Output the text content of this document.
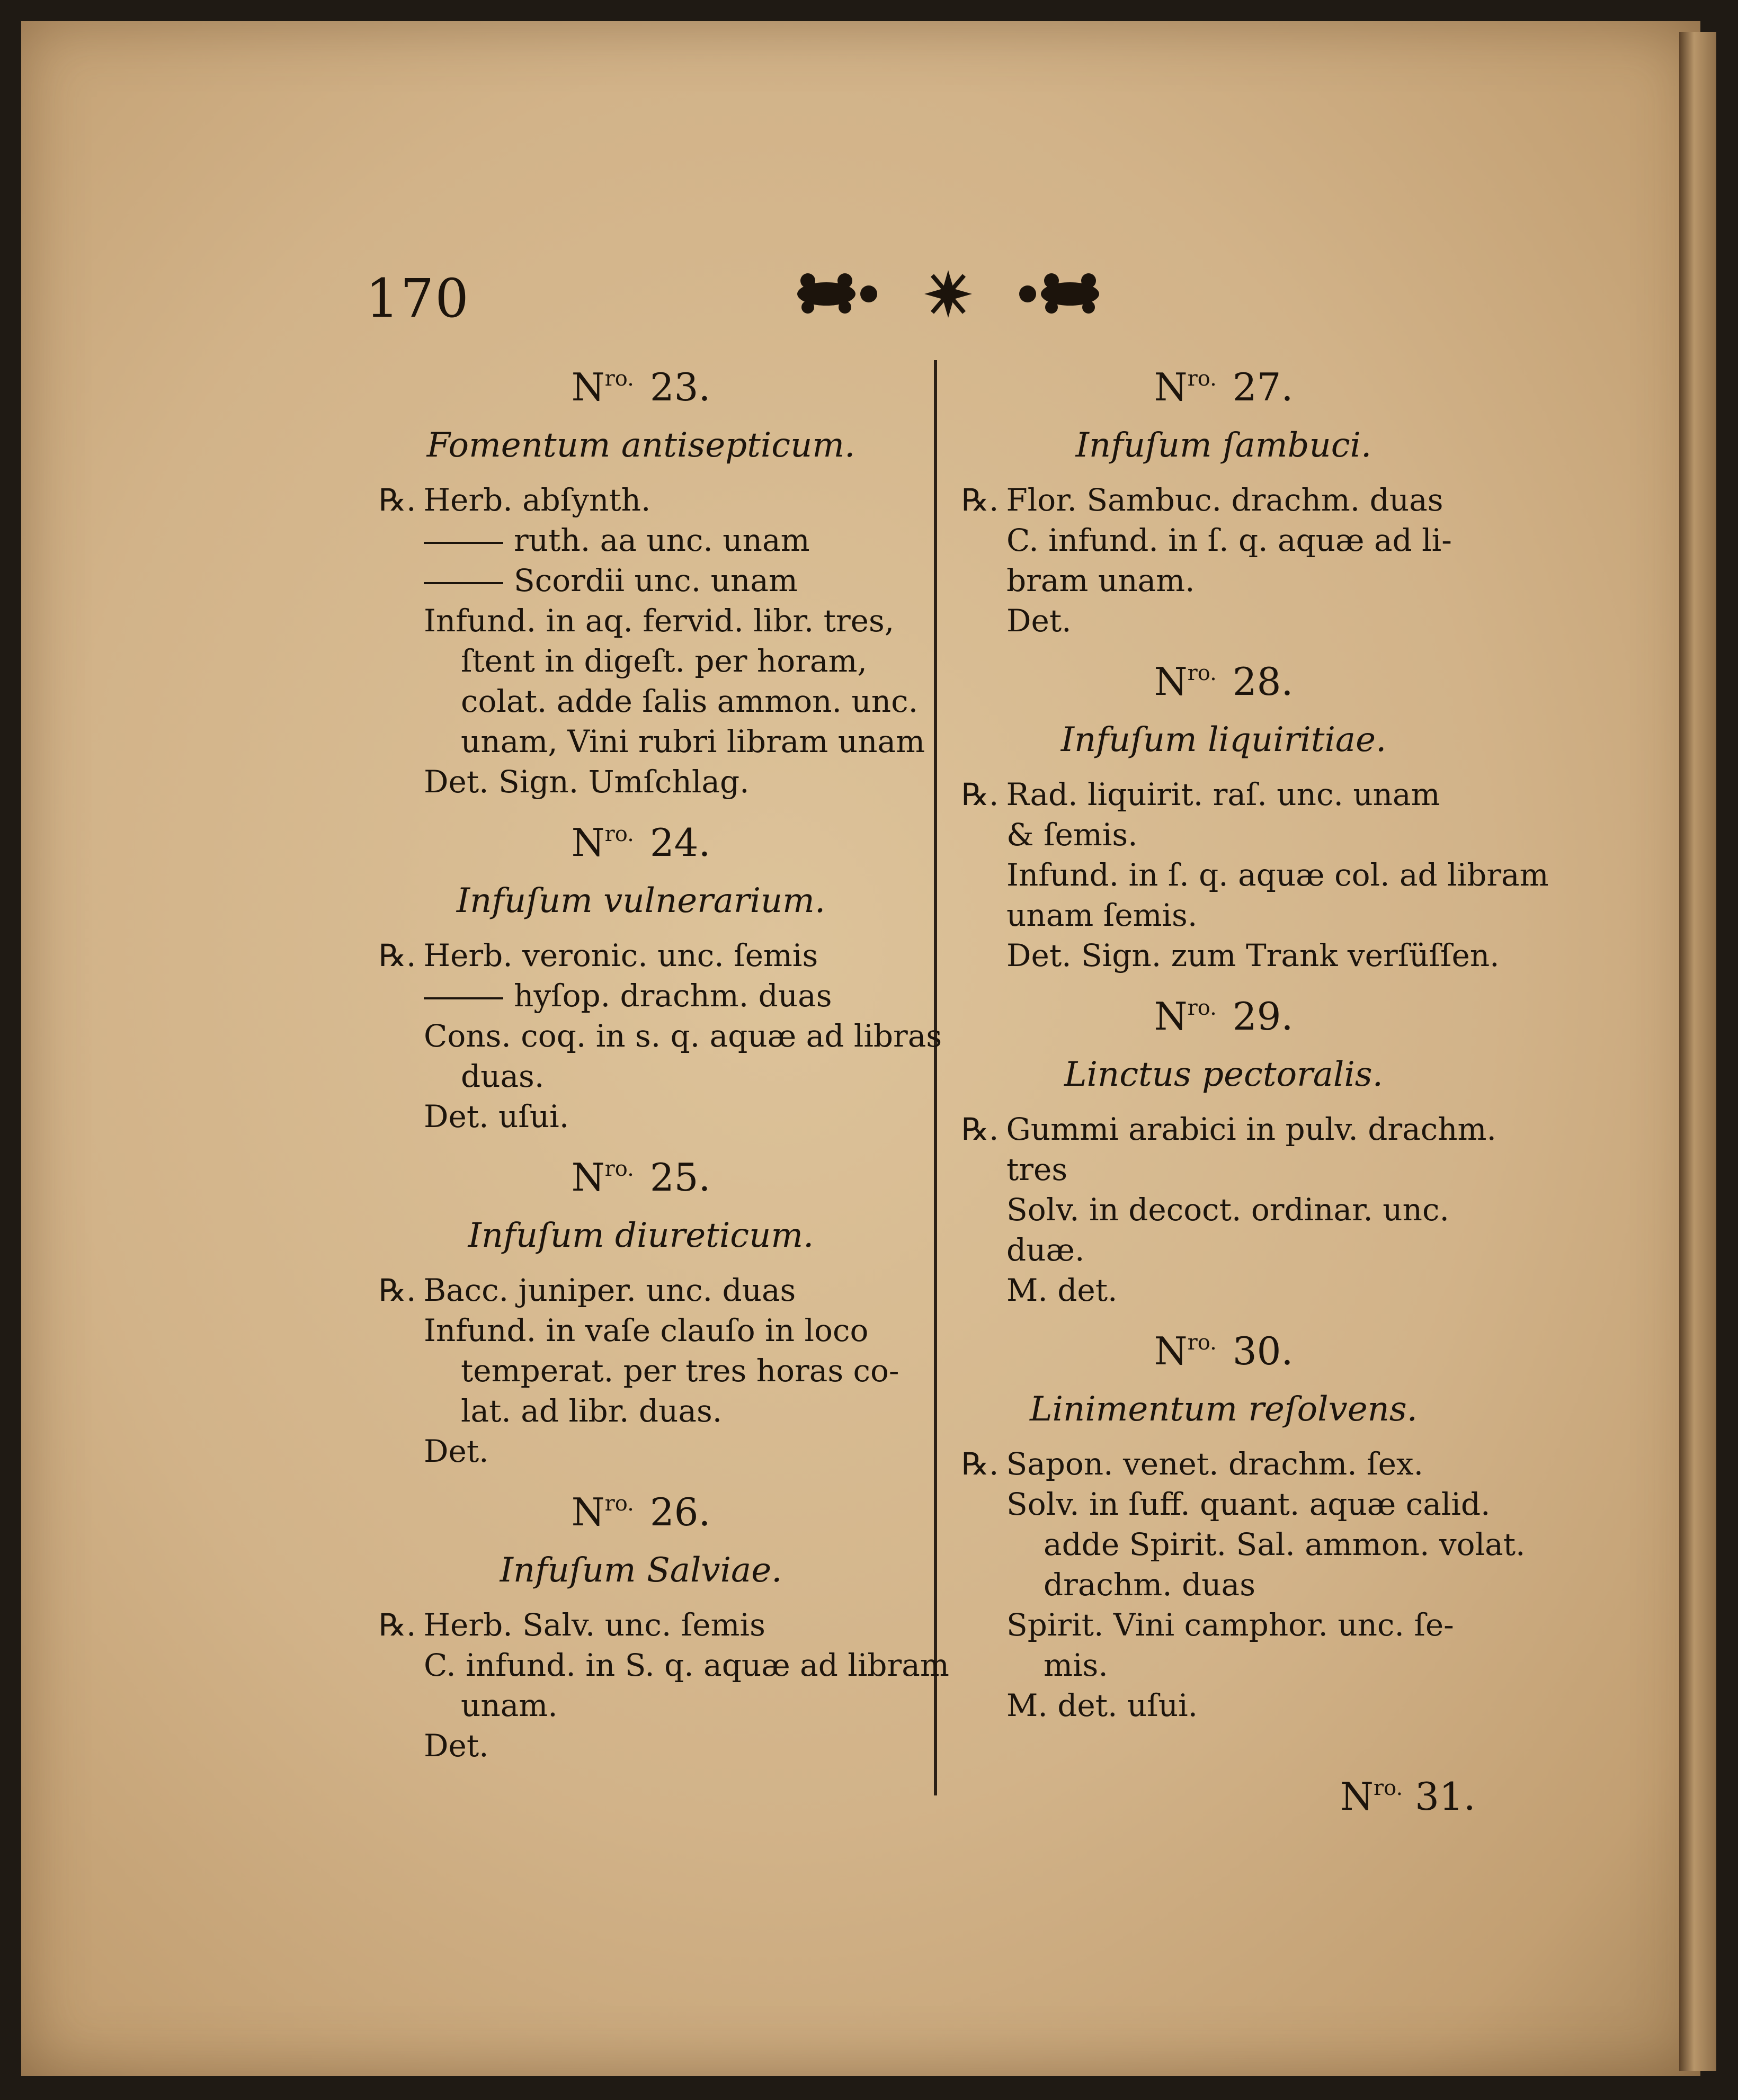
170

$N^{ro.}$ 23.

Fomentum antisepticum.

℞. Herb. abſynth.

ruth. aa unc. unam

Scordii unc. unam

Infund. in aq. fervid. libr. tres,

ſtent in digeſt. per horam,

colat. adde ſalis ammon. unc.

unam, Vini rubri libram unam

Det. Sign. Umſchlag.

$N^{ro.}$ 24.

Infuſum vulnerarium.

℞. Herb. veronic. unc. ſemis

hyſop. drachm. duas

Cons. coq. in s. q. aquæ ad libras

duas.

Det. uſui.

$N^{ro.}$ 25.

Infuſum diureticum.

℞. Bacc. juniper. unc. duas

Infund. in vaſe clauſo in loco

temperat. per tres horas co-

lat. ad libr. duas.

Det.

$N^{ro.}$ 26.

Infuſum Salviae.

℞. Herb. Salv. unc. ſemis

C. infund. in S. q. aquæ ad libram

unam.

Det.

$N^{ro.}$ 27.

Infuſum ſambuci.

℞. Flor. Sambuc. drachm. duas

C. infund. in ſ. q. aquæ ad li-

bram unam.

Det.

$N^{ro.}$ 28.

Infuſum liquiritiae.

℞. Rad. liquirit. raſ. unc. unam

& ſemis.

Infund. in ſ. q. aquæ col. ad libram

unam ſemis.

Det. Sign. zum Trank verſüſſen.

$N^{ro.}$ 29.

Linctus pectoralis.

℞. Gummi arabici in pulv. drachm.

tres

Solv. in decoct. ordinar. unc.

duæ.

M. det.

$N^{ro.}$ 30.

Linimentum reſolvens.

℞. Sapon. venet. drachm. ſex.

Solv. in ſuff. quant. aquæ calid.

adde Spirit. Sal. ammon. volat.

drachm. duas

Spirit. Vini camphor. unc. ſe-

mis.

M. det. uſui.

$N^{ro.}$ 31.
